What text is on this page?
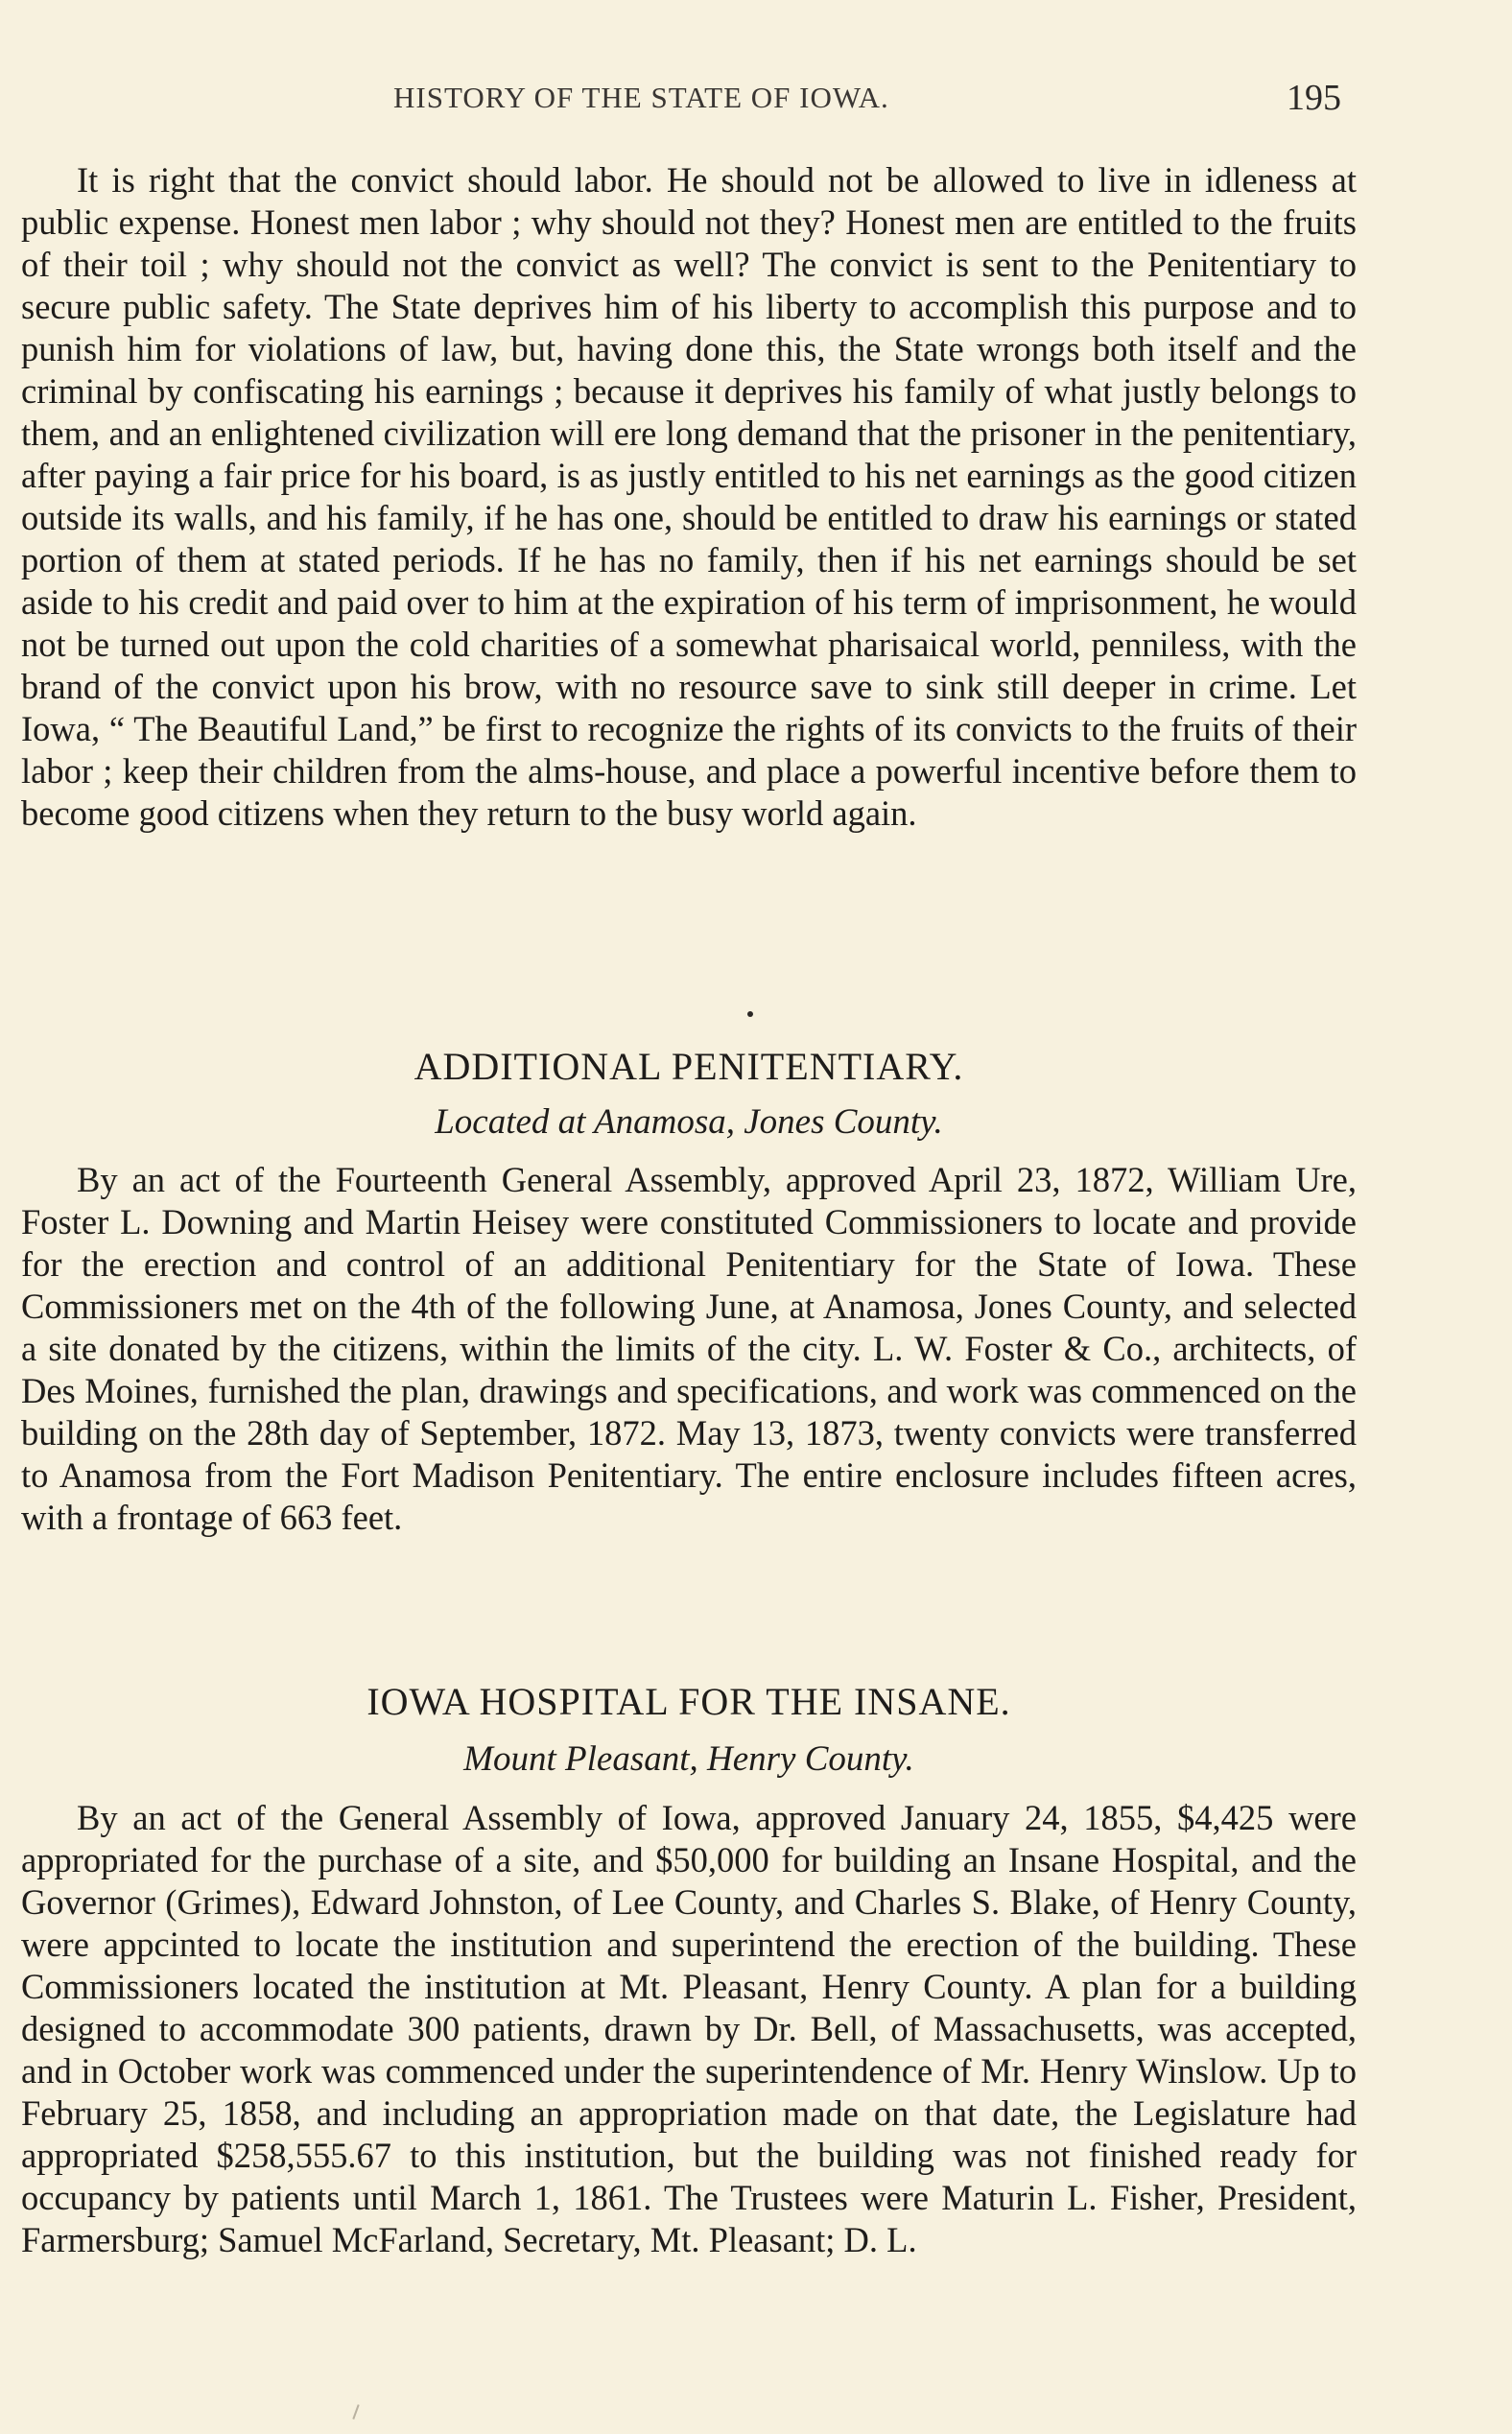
HISTORY OF THE STATE OF IOWA.	195

It is right that the convict should labor. He should not be allowed to live in idleness at public expense. Honest men labor ; why should not they? Honest men are entitled to the fruits of their toil ; why should not the convict as well? The convict is sent to the Penitentiary to secure public safety. The State deprives him of his liberty to accomplish this purpose and to punish him for violations of law, but, having done this, the State wrongs both itself and the criminal by confiscating his earnings ; because it deprives his family of what justly belongs to them, and an enlightened civilization will ere long demand that the prisoner in the penitentiary, after paying a fair price for his board, is as justly entitled to his net earnings as the good citizen outside its walls, and his family, if he has one, should be entitled to draw his earnings or stated portion of them at stated periods. If he has no family, then if his net earnings should be set aside to his credit and paid over to him at the expiration of his term of imprisonment, he would not be turned out upon the cold charities of a somewhat pharisaical world, penniless, with the brand of the convict upon his brow, with no resource save to sink still deeper in crime. Let Iowa, “ The Beautiful Land,” be first to recognize the rights of its convicts to the fruits of their labor ; keep their children from the alms-house, and place a powerful incentive before them to become good citizens when they return to the busy world again.

ADDITIONAL PENITENTIARY.
Located at Anamosa, Jones County.

By an act of the Fourteenth General Assembly, approved April 23, 1872, William Ure, Foster L. Downing and Martin Heisey were constituted Commissioners to locate and provide for the erection and control of an additional Penitentiary for the State of Iowa. These Commissioners met on the 4th of the following June, at Anamosa, Jones County, and selected a site donated by the citizens, within the limits of the city. L. W. Foster & Co., architects, of Des Moines, furnished the plan, drawings and specifications, and work was commenced on the building on the 28th day of September, 1872. May 13, 1873, twenty convicts were transferred to Anamosa from the Fort Madison Penitentiary. The entire enclosure includes fifteen acres, with a frontage of 663 feet.

IOWA HOSPITAL FOR THE INSANE.
Mount Pleasant, Henry County.

By an act of the General Assembly of Iowa, approved January 24, 1855, $4,425 were appropriated for the purchase of a site, and $50,000 for building an Insane Hospital, and the Governor (Grimes), Edward Johnston, of Lee County, and Charles S. Blake, of Henry County, were appcinted to locate the institution and superintend the erection of the building. These Commissioners located the institution at Mt. Pleasant, Henry County. A plan for a building designed to accommodate 300 patients, drawn by Dr. Bell, of Massachusetts, was accepted, and in October work was commenced under the superintendence of Mr. Henry Winslow. Up to February 25, 1858, and including an appropriation made on that date, the Legislature had appropriated $258,555.67 to this institution, but the building was not finished ready for occupancy by patients until March 1, 1861. The Trustees were Maturin L. Fisher, President, Farmersburg; Samuel McFarland, Secretary, Mt. Pleasant; D. L.
